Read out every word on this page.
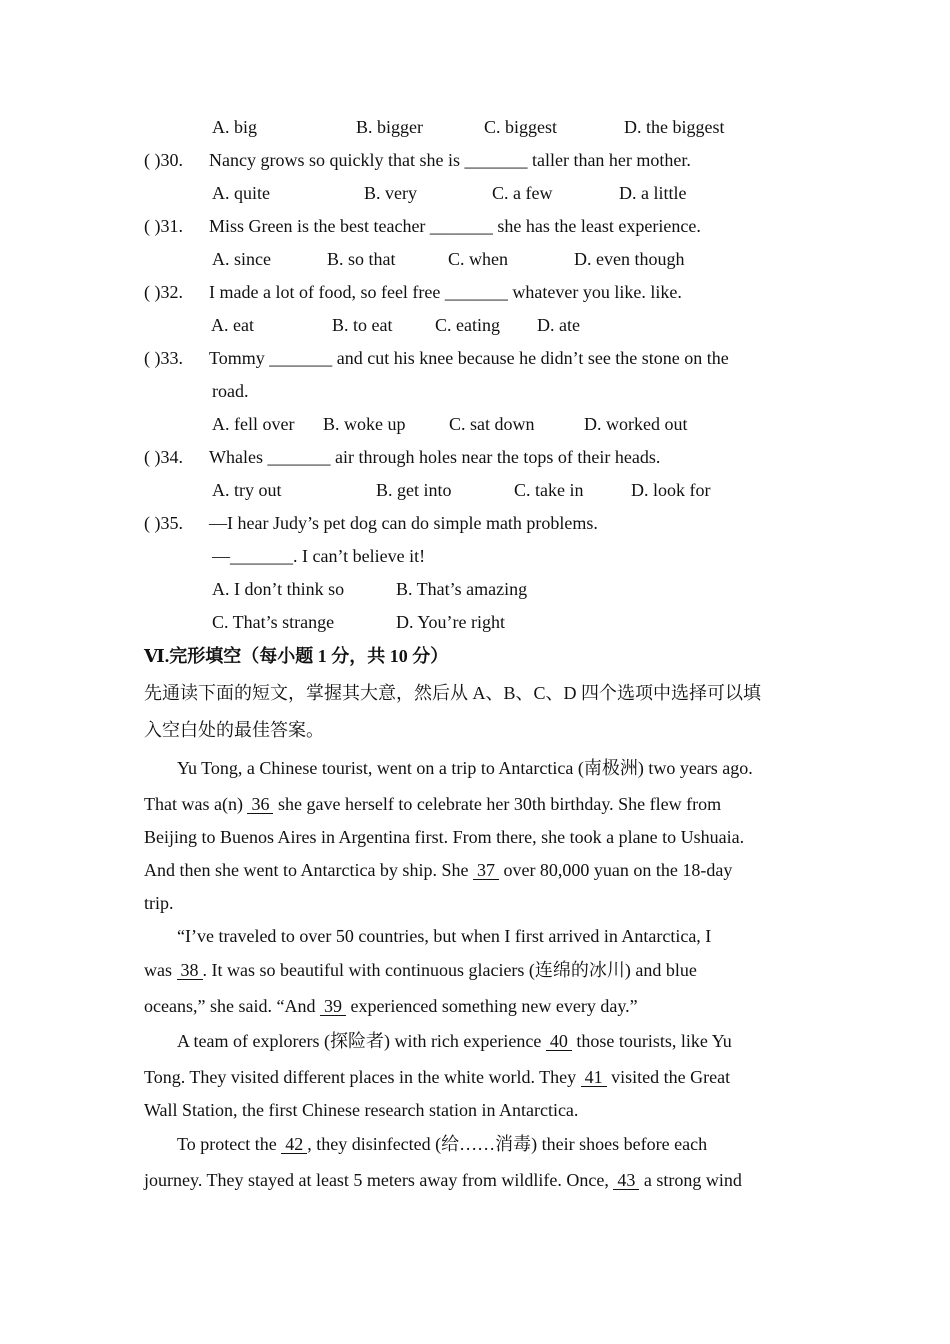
A. big	B. bigger	C. biggest	D. the biggest
( )30. Nancy grows so quickly that she is _______ taller than her mother.
A. quite	B. very	C. a few	D. a little
( )31. Miss Green is the best teacher _______ she has the least experience.
A. since	B. so that	C. when	D. even though
( )32. I made a lot of food, so feel free _______ whatever you like. like.
A. eat	B. to eat C. eating D. ate
( )33. Tommy _______ and cut his knee because he didn’t see the stone on the
road.
A. fell over B. woke up C. sat down	D. worked out
( )34. Whales _______ air through holes near the tops of their heads.
A. try out	B. get into	C. take in	D. look for
( )35. —I hear Judy’s pet dog can do simple math problems.
—_______. I can’t believe it!
A. I don’t think so	B. That’s amazing
C. That’s strange	D. You’re right
Ⅵ.完形填空（每小题 1 分，共 10 分）
先通读下面的短文，掌握其大意，然后从 A、B、C、D 四个选项中选择可以填
入空白处的最佳答案。
Yu Tong, a Chinese tourist, went on a trip to Antarctica (南极洲) two years ago.
That was a(n) 36 she gave herself to celebrate her 30th birthday. She flew from
Beijing to Buenos Aires in Argentina first. From there, she took a plane to Ushuaia.
And then she went to Antarctica by ship. She 37 over 80,000 yuan on the 18-day
trip.
“I’ve traveled to over 50 countries, but when I first arrived in Antarctica, I
was 38 . It was so beautiful with continuous glaciers (连绵的冰川) and blue
oceans,” she said. “And 39 experienced something new every day.”
A team of explorers (探险者) with rich experience 40 those tourists, like Yu
Tong. They visited different places in the white world. They 41 visited the Great
Wall Station, the first Chinese research station in Antarctica.
To protect the 42 , they disinfected (给……消毒) their shoes before each
journey. They stayed at least 5 meters away from wildlife. Once, 43 a strong wind
